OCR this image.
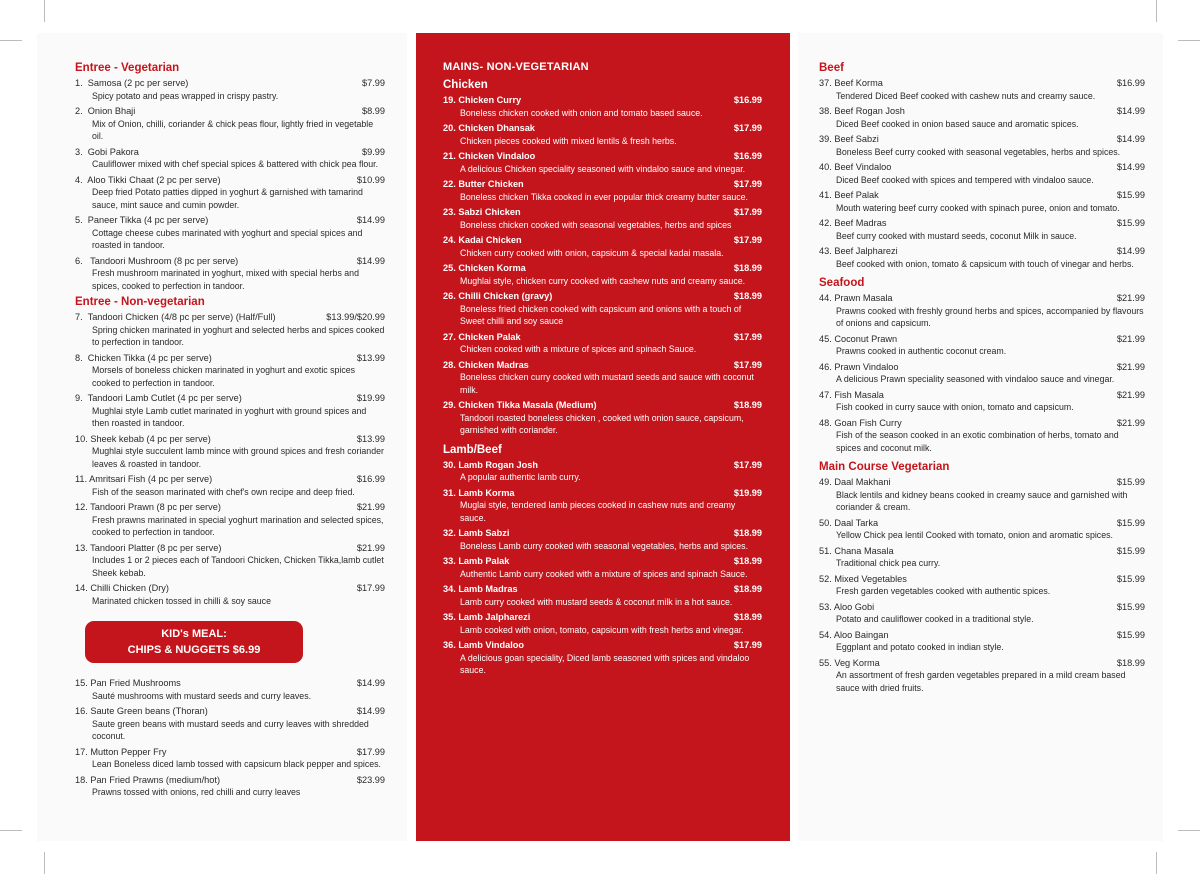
Entree - Vegetarian
1.  Samosa (2 pc per serve)	$7.99
Spicy potato and peas wrapped in crispy pastry.
2.  Onion Bhaji	$8.99
Mix of Onion, chilli, coriander & chick peas flour, lightly fried in vegetable oil.
3.  Gobi Pakora	$9.99
Cauliflower mixed with chef special spices & battered with chick pea flour.
4.  Aloo Tikki Chaat (2 pc per serve)	$10.99
Deep fried Potato patties dipped in yoghurt & garnished with tamarind sauce, mint sauce and cumin powder.
5.  Paneer Tikka (4 pc per serve)	$14.99
Cottage cheese cubes marinated with yoghurt and special spices and roasted in tandoor.
6.   Tandoori Mushroom (8 pc per serve)	$14.99
Fresh mushroom marinated in yoghurt, mixed with special herbs and spices, cooked to perfection in tandoor.
Entree - Non-vegetarian
7.  Tandoori Chicken (4/8 pc per serve) (Half/Full)	$13.99/$20.99
Spring chicken marinated in yoghurt and selected herbs and spices cooked to perfection in tandoor.
8.  Chicken Tikka (4 pc per serve)	$13.99
Morsels of boneless chicken marinated in yoghurt and exotic spices cooked to perfection in tandoor.
9.  Tandoori Lamb Cutlet (4 pc per serve)	$19.99
Mughlai style Lamb cutlet marinated in yoghurt with ground spices and then roasted in tandoor.
10. Sheek kebab (4 pc per serve)	$13.99
Mughlai style succulent lamb mince with ground spices and fresh coriander leaves & roasted in tandoor.
11. Amritsari Fish (4 pc per serve)	$16.99
Fish of the season marinated with chef's own recipe and deep fried.
12. Tandoori Prawn (8 pc per serve)	$21.99
Fresh prawns marinated in special yoghurt marination and selected spices, cooked to perfection in tandoor.
13. Tandoori Platter (8 pc per serve)	$21.99
Includes 1 or 2 pieces each of Tandoori Chicken, Chicken Tikka,lamb cutlet Sheek kebab.
14. Chilli Chicken (Dry)	$17.99
Marinated chicken tossed in chilli & soy sauce
KID's MEAL:
CHIPS & NUGGETS $6.99
15. Pan Fried Mushrooms	$14.99
Sauté mushrooms with mustard seeds and curry leaves.
16. Saute Green beans (Thoran)	$14.99
Saute green beans with mustard seeds and curry leaves with shredded coconut.
17. Mutton Pepper Fry	$17.99
Lean Boneless diced lamb tossed with capsicum black pepper and spices.
18. Pan Fried Prawns (medium/hot)	$23.99
Prawns tossed with onions, red chilli and curry leaves
MAINS- NON-VEGETARIAN
Chicken
19. Chicken Curry	$16.99
Boneless chicken cooked with onion and tomato based sauce.
20. Chicken Dhansak	$17.99
Chicken pieces cooked with mixed lentils & fresh herbs.
21. Chicken Vindaloo	$16.99
A delicious Chicken speciality seasoned with vindaloo sauce and vinegar.
22. Butter Chicken	$17.99
Boneless chicken Tikka cooked in ever popular thick creamy butter sauce.
23. Sabzi Chicken	$17.99
Boneless chicken cooked with seasonal vegetables, herbs and spices
24. Kadai Chicken	$17.99
Chicken curry cooked with onion, capsicum & special kadai masala.
25. Chicken Korma	$18.99
Mughlai style, chicken curry cooked with cashew nuts and creamy sauce.
26. Chilli Chicken (gravy)	$18.99
Boneless fried chicken cooked with capsicum and onions with a touch of Sweet chilli and soy sauce
27. Chicken Palak	$17.99
Chicken cooked with a mixture of spices and spinach Sauce.
28. Chicken Madras	$17.99
Boneless chicken curry cooked with mustard seeds and sauce with coconut milk.
29. Chicken Tikka Masala (Medium)	$18.99
Tandoori roasted boneless chicken , cooked with onion sauce, capsicum, garnished with coriander.
Lamb/Beef
30. Lamb Rogan Josh	$17.99
A popular authentic lamb curry.
31. Lamb Korma	$19.99
Muglai style, tendered lamb pieces cooked in cashew nuts and creamy sauce.
32. Lamb Sabzi	$18.99
Boneless Lamb curry cooked with seasonal vegetables, herbs and spices.
33. Lamb Palak	$18.99
Authentic Lamb curry cooked with a mixture of spices and spinach Sauce.
34. Lamb Madras	$18.99
Lamb curry cooked with mustard seeds & coconut milk in a hot sauce.
35. Lamb Jalpharezi	$18.99
Lamb cooked with onion, tomato, capsicum with fresh herbs and vinegar.
36. Lamb Vindaloo	$17.99
A delicious goan speciality, Diced lamb seasoned with spices and vindaloo sauce.
Beef
37. Beef Korma	$16.99
Tendered Diced Beef cooked with cashew nuts and creamy sauce.
38. Beef Rogan Josh	$14.99
Diced Beef cooked in onion based sauce and aromatic spices.
39. Beef Sabzi	$14.99
Boneless Beef curry cooked with seasonal vegetables, herbs and spices.
40. Beef Vindaloo	$14.99
Diced Beef cooked with spices and tempered with vindaloo sauce.
41. Beef Palak	$15.99
Mouth watering beef curry cooked with spinach puree, onion and tomato.
42. Beef Madras	$15.99
Beef curry cooked with mustard seeds, coconut Milk in sauce.
43. Beef Jalpharezi	$14.99
Beef cooked with onion, tomato & capsicum with touch of vinegar and herbs.
Seafood
44. Prawn Masala	$21.99
Prawns cooked with freshly ground herbs and spices, accompanied by flavours of onions and capsicum.
45. Coconut Prawn	$21.99
Prawns cooked in authentic coconut cream.
46. Prawn Vindaloo	$21.99
A delicious Prawn speciality seasoned with vindaloo sauce and vinegar.
47. Fish Masala	$21.99
Fish cooked in curry sauce with onion, tomato and capsicum.
48. Goan Fish Curry	$21.99
Fish of the season cooked in an exotic combination of herbs, tomato and spices and coconut milk.
Main Course Vegetarian
49. Daal Makhani	$15.99
Black lentils and kidney beans cooked in creamy sauce and garnished with coriander & cream.
50. Daal Tarka	$15.99
Yellow Chick pea lentil Cooked with tomato, onion and aromatic spices.
51. Chana Masala	$15.99
Traditional chick pea curry.
52. Mixed Vegetables	$15.99
Fresh garden vegetables cooked with authentic spices.
53. Aloo Gobi	$15.99
Potato and cauliflower cooked in a traditional style.
54. Aloo Baingan	$15.99
Eggplant and potato cooked in indian style.
55. Veg Korma	$18.99
An assortment of fresh garden vegetables prepared in a mild cream based sauce with dried fruits.
